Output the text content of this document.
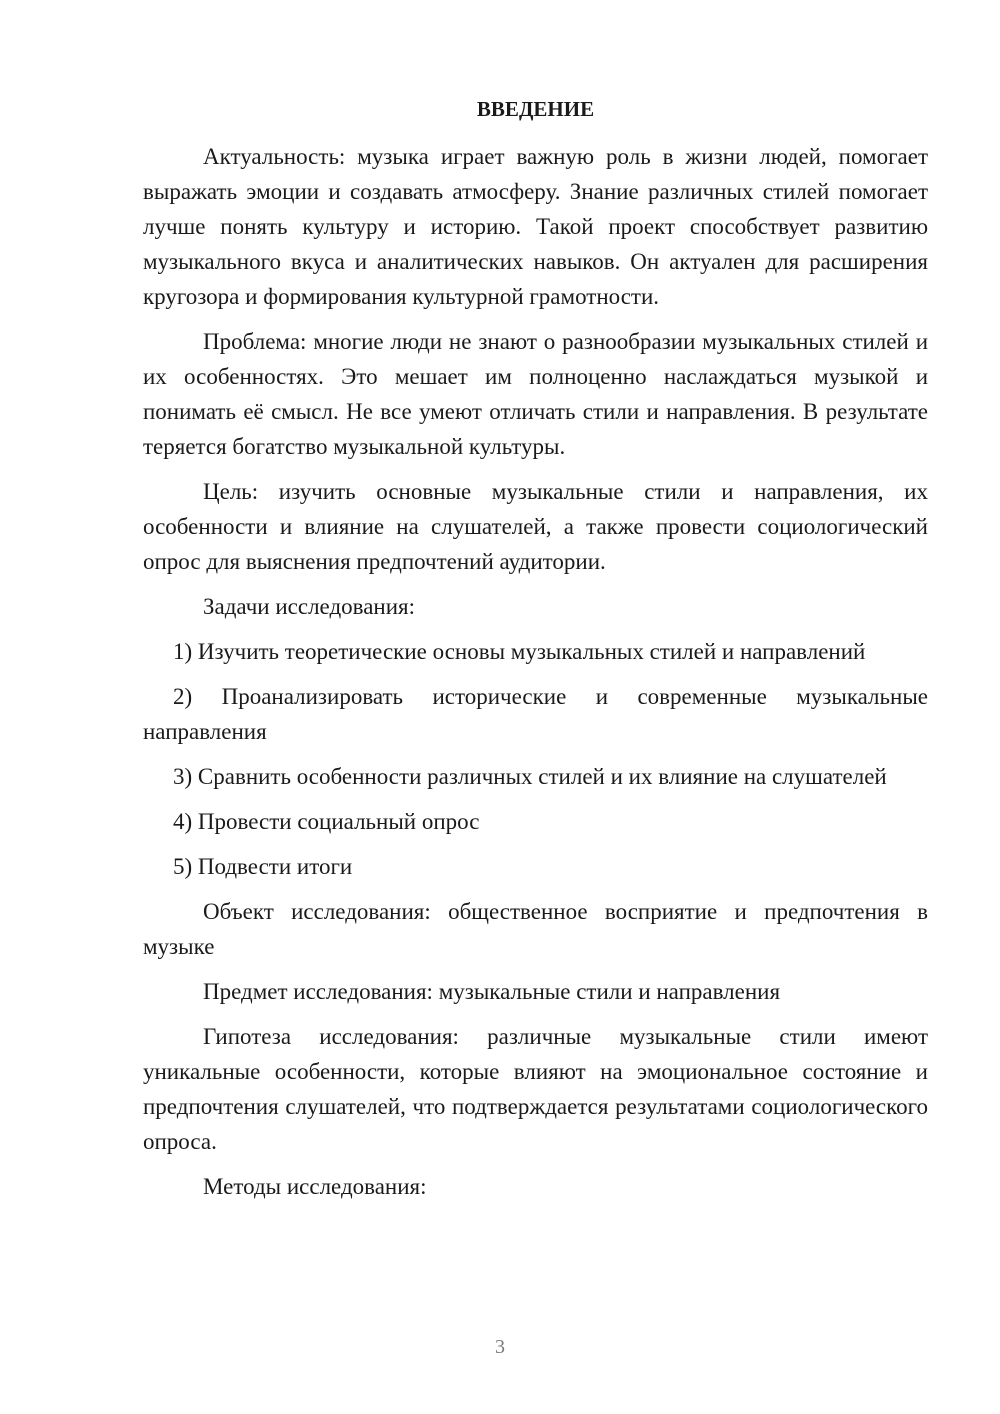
ВВЕДЕНИЕ

Актуальность: музыка играет важную роль в жизни людей, помогает выражать эмоции и создавать атмосферу. Знание различных стилей помогает лучше понять культуру и историю. Такой проект способствует развитию музыкального вкуса и аналитических навыков. Он актуален для расширения кругозора и формирования культурной грамотности.

Проблема: многие люди не знают о разнообразии музыкальных стилей и их особенностях. Это мешает им полноценно наслаждаться музыкой и понимать её смысл. Не все умеют отличать стили и направления. В результате теряется богатство музыкальной культуры.

Цель: изучить основные музыкальные стили и направления, их особенности и влияние на слушателей, а также провести социологический опрос для выяснения предпочтений аудитории.

Задачи исследования:

1) Изучить теоретические основы музыкальных стилей и направлений

2) Проанализировать исторические и современные музыкальные направления

3) Сравнить особенности различных стилей и их влияние на слушателей

4) Провести социальный опрос

5) Подвести итоги

Объект исследования: общественное восприятие и предпочтения в музыке

Предмет исследования: музыкальные стили и направления

Гипотеза исследования: различные музыкальные стили имеют уникальные особенности, которые влияют на эмоциональное состояние и предпочтения слушателей, что подтверждается результатами социологического опроса.

Методы исследования:

3
